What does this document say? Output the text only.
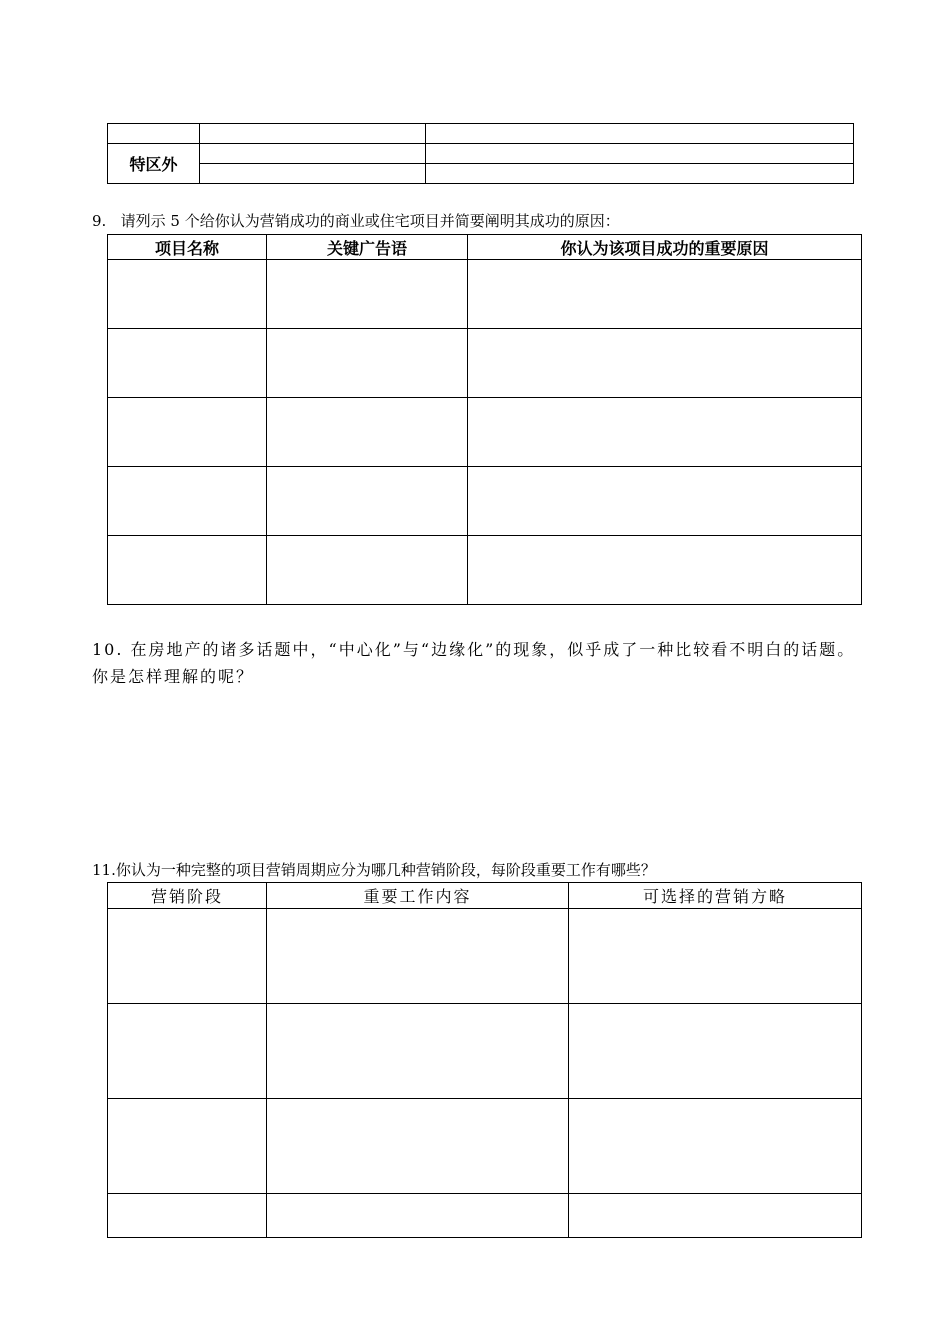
特区外		

9. 请列示 5 个给你认为营销成功的商业或住宅项目并简要阐明其成功的原因：
项目名称	关键广告语	你认为该项目成功的重要原因

10. 在房地产的诸多话题中，“中心化”与“边缘化”的现象，似乎成了一种比较看不明白的话题。你是怎样理解的呢？
11.你认为一种完整的项目营销周期应分为哪几种营销阶段，每阶段重要工作有哪些？
营销阶段	重要工作内容	可选择的营销方略
